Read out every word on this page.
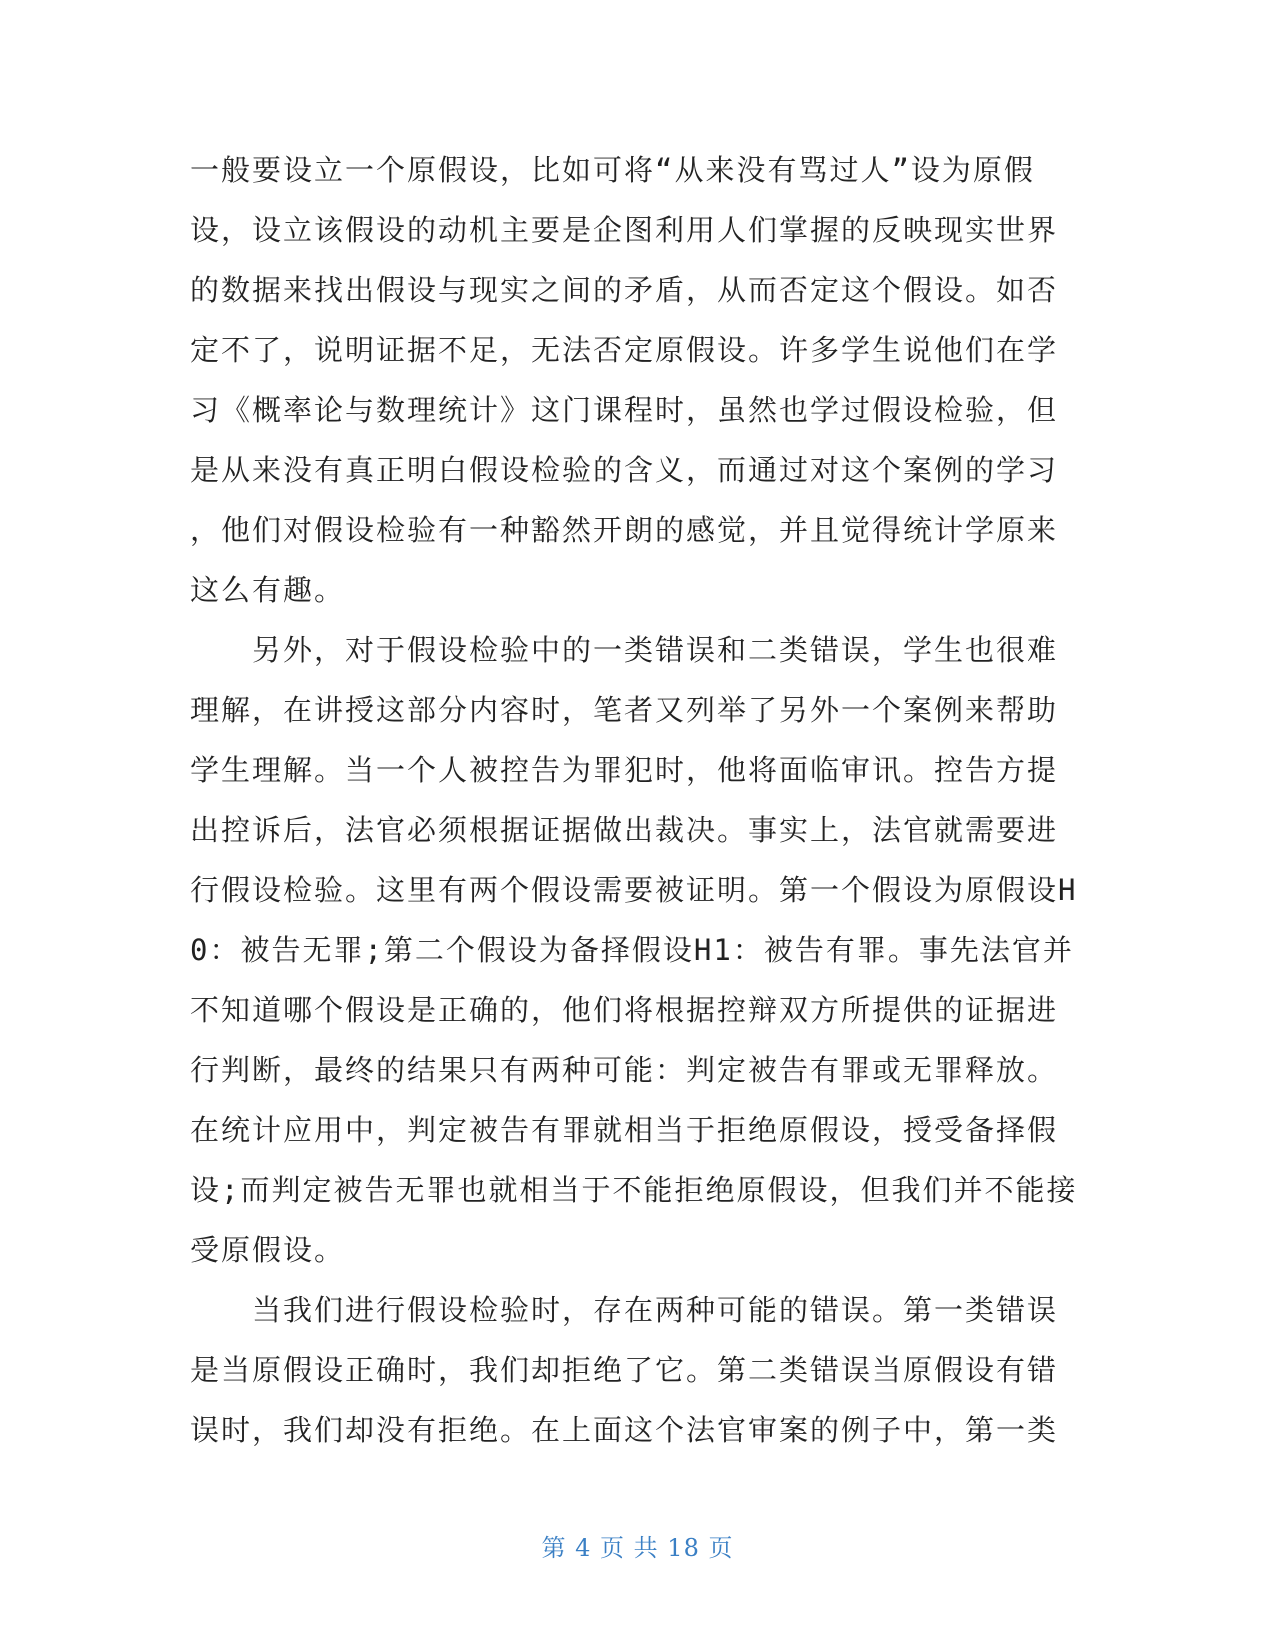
一般要设立一个原假设，比如可将“从来没有骂过人”设为原假
设，设立该假设的动机主要是企图利用人们掌握的反映现实世界
的数据来找出假设与现实之间的矛盾，从而否定这个假设。如否
定不了，说明证据不足，无法否定原假设。许多学生说他们在学
习《概率论与数理统计》这门课程时，虽然也学过假设检验，但
是从来没有真正明白假设检验的含义，而通过对这个案例的学习
，他们对假设检验有一种豁然开朗的感觉，并且觉得统计学原来
这么有趣。
　　另外，对于假设检验中的一类错误和二类错误，学生也很难
理解，在讲授这部分内容时，笔者又列举了另外一个案例来帮助
学生理解。当一个人被控告为罪犯时，他将面临审讯。控告方提
出控诉后，法官必须根据证据做出裁决。事实上，法官就需要进
行假设检验。这里有两个假设需要被证明。第一个假设为原假设H
0：被告无罪;第二个假设为备择假设H1：被告有罪。事先法官并
不知道哪个假设是正确的，他们将根据控辩双方所提供的证据进
行判断，最终的结果只有两种可能：判定被告有罪或无罪释放。
在统计应用中，判定被告有罪就相当于拒绝原假设，授受备择假
设;而判定被告无罪也就相当于不能拒绝原假设，但我们并不能接
受原假设。
　　当我们进行假设检验时，存在两种可能的错误。第一类错误
是当原假设正确时，我们却拒绝了它。第二类错误当原假设有错
误时，我们却没有拒绝。在上面这个法官审案的例子中，第一类
第 4 页 共 18 页
